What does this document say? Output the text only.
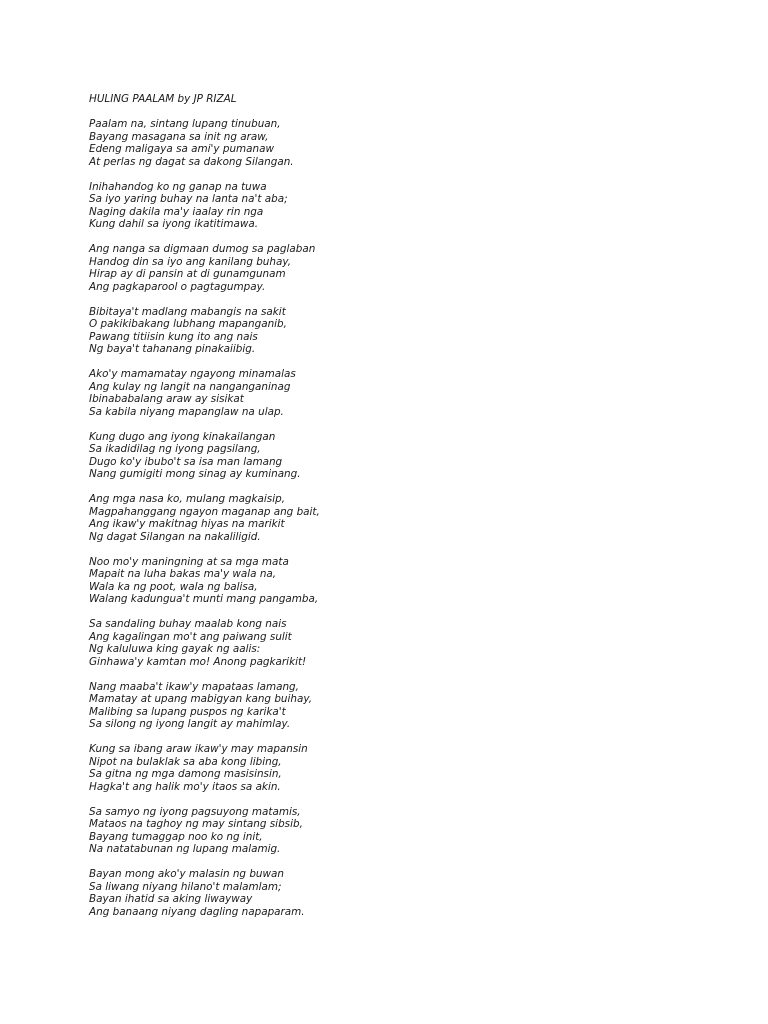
HULING PAALAM by JP RIZAL
Paalam na, sintang lupang tinubuan,
Bayang masagana sa init ng araw,
Edeng maligaya sa ami'y pumanaw
At perlas ng dagat sa dakong Silangan.
Inihahandog ko ng ganap na tuwa
Sa iyo yaring buhay na lanta na't aba;
Naging dakila ma'y iaalay rin nga
Kung dahil sa iyong ikatitimawa.
Ang nanga sa digmaan dumog sa paglaban
Handog din sa iyo ang kanilang buhay,
Hirap ay di pansin at di gunamgunam
Ang pagkaparool o pagtagumpay.
Bibitaya't madlang mabangis na sakit
O pakikibakang lubhang mapanganib,
Pawang titiisin kung ito ang nais
Ng baya't tahanang pinakaiibig.
Ako'y mamamatay ngayong minamalas
Ang kulay ng langit na nanganganinag
Ibinababalang araw ay sisikat
Sa kabila niyang mapanglaw na ulap.
Kung dugo ang iyong kinakailangan
Sa ikadidilag ng iyong pagsilang,
Dugo ko'y ibubo't sa isa man lamang
Nang gumigiti mong sinag ay kuminang.
Ang mga nasa ko, mulang magkaisip,
Magpahanggang ngayon maganap ang bait,
Ang ikaw'y makitnag hiyas na marikit
Ng dagat Silangan na nakaliligid.
Noo mo'y maningning at sa mga mata
Mapait na luha bakas ma'y wala na,
Wala ka ng poot, wala ng balisa,
Walang kadungua't munti mang pangamba,
Sa sandaling buhay maalab kong nais
Ang kagalingan mo't ang paiwang sulit
Ng kaluluwa king gayak ng aalis:
Ginhawa'y kamtan mo! Anong pagkarikit!
Nang maaba't ikaw'y mapataas lamang,
Mamatay at upang mabigyan kang buihay,
Malibing sa lupang puspos ng karika't
Sa silong ng iyong langit ay mahimlay.
Kung sa ibang araw ikaw'y may mapansin
Nipot na bulaklak sa aba kong libing,
Sa gitna ng mga damong masisinsin,
Hagka't ang halik mo'y itaos sa akin.
Sa samyo ng iyong pagsuyong matamis,
Mataos na taghoy ng may sintang sibsib,
Bayang tumaggap noo ko ng init,
Na natatabunan ng lupang malamig.
Bayan mong ako'y malasin ng buwan
Sa liwang niyang hilano't malamlam;
Bayan ihatid sa aking liwayway
Ang banaang niyang dagling napaparam.
